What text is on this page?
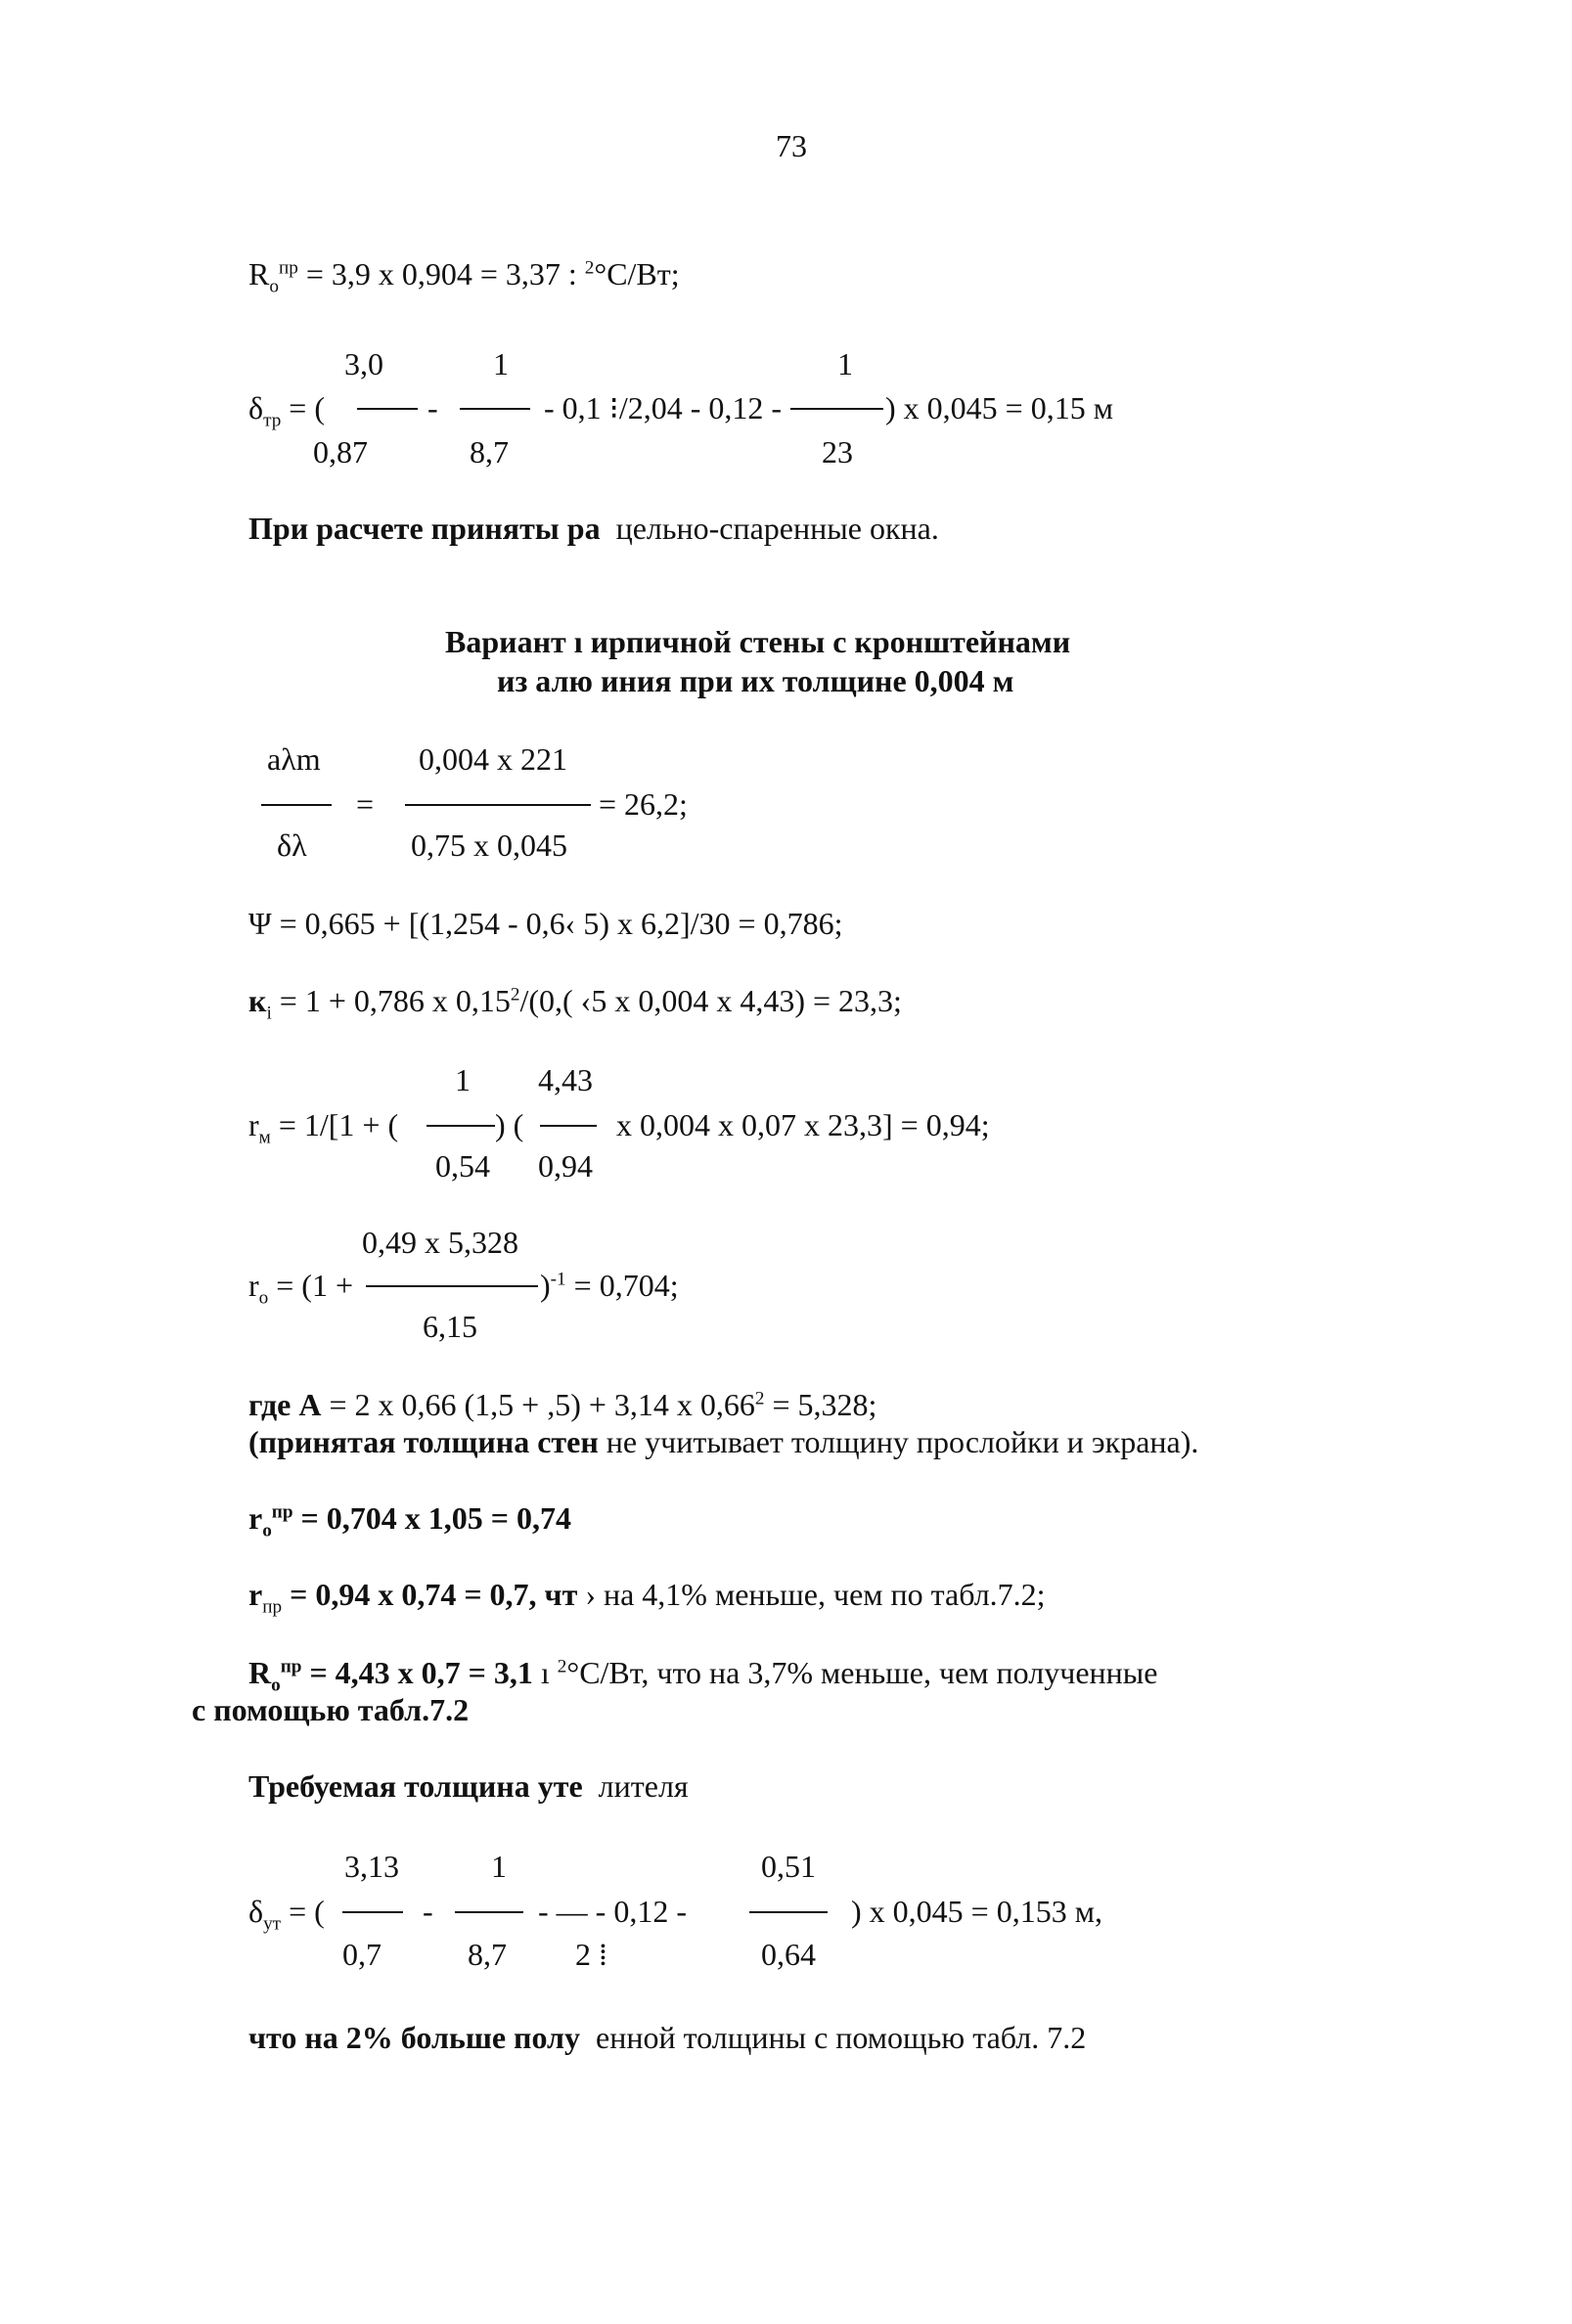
73
$R_o^{пр} = 3,9$ x 0,904 = 3,37 : $^2$°C/Вт;
3,0	1	1
$\delta_{тр}$ = (	-	- 0,1 ⁝/2,04 - 0,12 -	) x 0,045 = 0,15 м
0,87	8,7	23
При расчете приняты ра цельно-спаренные окна.
Вариант ı ирпичной стены с кронштейнами
из алю иния при их толщине 0,004 м
aλm	0,004 x 221
=	= 26,2;
δλ	0,75 x 0,045
Ψ = 0,665 + [(1,254 - 0,6‹ 5) x 6,2]/30 = 0,786;
$к_i = 1 + 0,786$ x 0,15$^2$/(0,( ‹5 x 0,004 x 4,43) = 23,3;
1 4,43
$r_м = 1/[1$ + (	) (	x 0,004 x 0,07 x 23,3] = 0,94;
0,54 0,94
0,49 x 5,328
$r_o = (1$ +	)$^{-1}$ = 0,704;
6,15
где А = 2 x 0,66 (1,5 + ,5) + 3,14 x $0,66^2 = 5,328$;
(принятая толщина стен не учитывает толщину прослойки и экрана).
$r_o^{пр} = 0,704$ x 1,05 = 0,74
$r_{пр} = 0,94$ x 0,74 = 0,7, чт › на 4,1% меньше, чем по табл.7.2;
$R_o^{пр} = 4,43$ x 0,7 = 3,1 ı $^2$°C/Вт, что на 3,7% меньше, чем полученные
с помощью табл.7.2
Требуемая толщина уте лителя
3,13	1	0,51
$\delta_{ут}$ = (	-	- — - 0,12 -	) x 0,045 = 0,153 м,
0,7	8,7 2 ⁞	0,64
что на 2% больше полу енной толщины с помощью табл. 7.2
